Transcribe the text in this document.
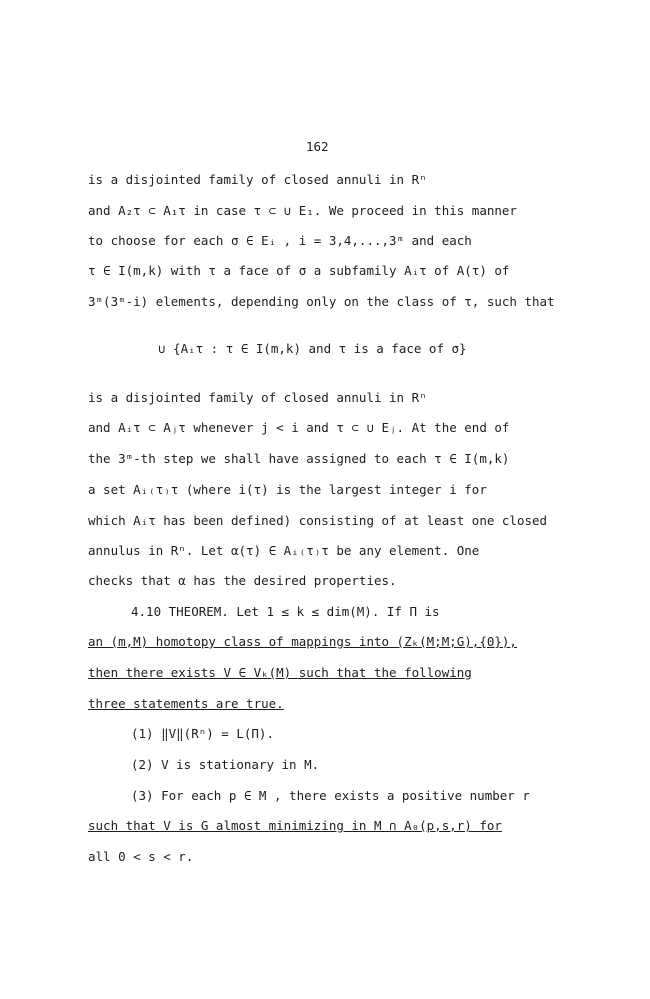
162
is a disjointed family of closed annuli in Rⁿ
and A₂τ ⊂ A₁τ in case τ ⊂ ∪ E₁. We proceed in this manner
to choose for each σ ∈ Eᵢ , i = 3,4,...,3ᵐ and each
τ ∈ I(m,k) with τ a face of σ a subfamily Aᵢτ of A(τ) of
3ᵐ(3ᵐ-i) elements, depending only on the class of τ, such that
∪ {Aᵢτ : τ ∈ I(m,k) and τ is a face of σ}
is a disjointed family of closed annuli in Rⁿ
and Aᵢτ ⊂ Aⱼτ whenever j < i and τ ⊂ ∪ Eⱼ. At the end of
the 3ᵐ-th step we shall have assigned to each τ ∈ I(m,k)
a set Aᵢ₍τ₎τ (where i(τ) is the largest integer i for
which Aᵢτ has been defined) consisting of at least one closed
annulus in Rⁿ. Let α(τ) ∈ Aᵢ₍τ₎τ be any element. One
checks that α has the desired properties.
4.10 THEOREM. Let 1 ≤ k ≤ dim(M). If Π is
an (m,M) homotopy class of mappings into (Zₖ(M;M;G),{0}),
then there exists V ∈ Vₖ(M) such that the following
three statements are true.
(1) ‖V‖(Rⁿ) = L(Π).
(2) V is stationary in M.
(3) For each p ∈ M , there exists a positive number r
such that V is G almost minimizing in M ∩ A₀(p,s,r) for
all 0 < s < r.
